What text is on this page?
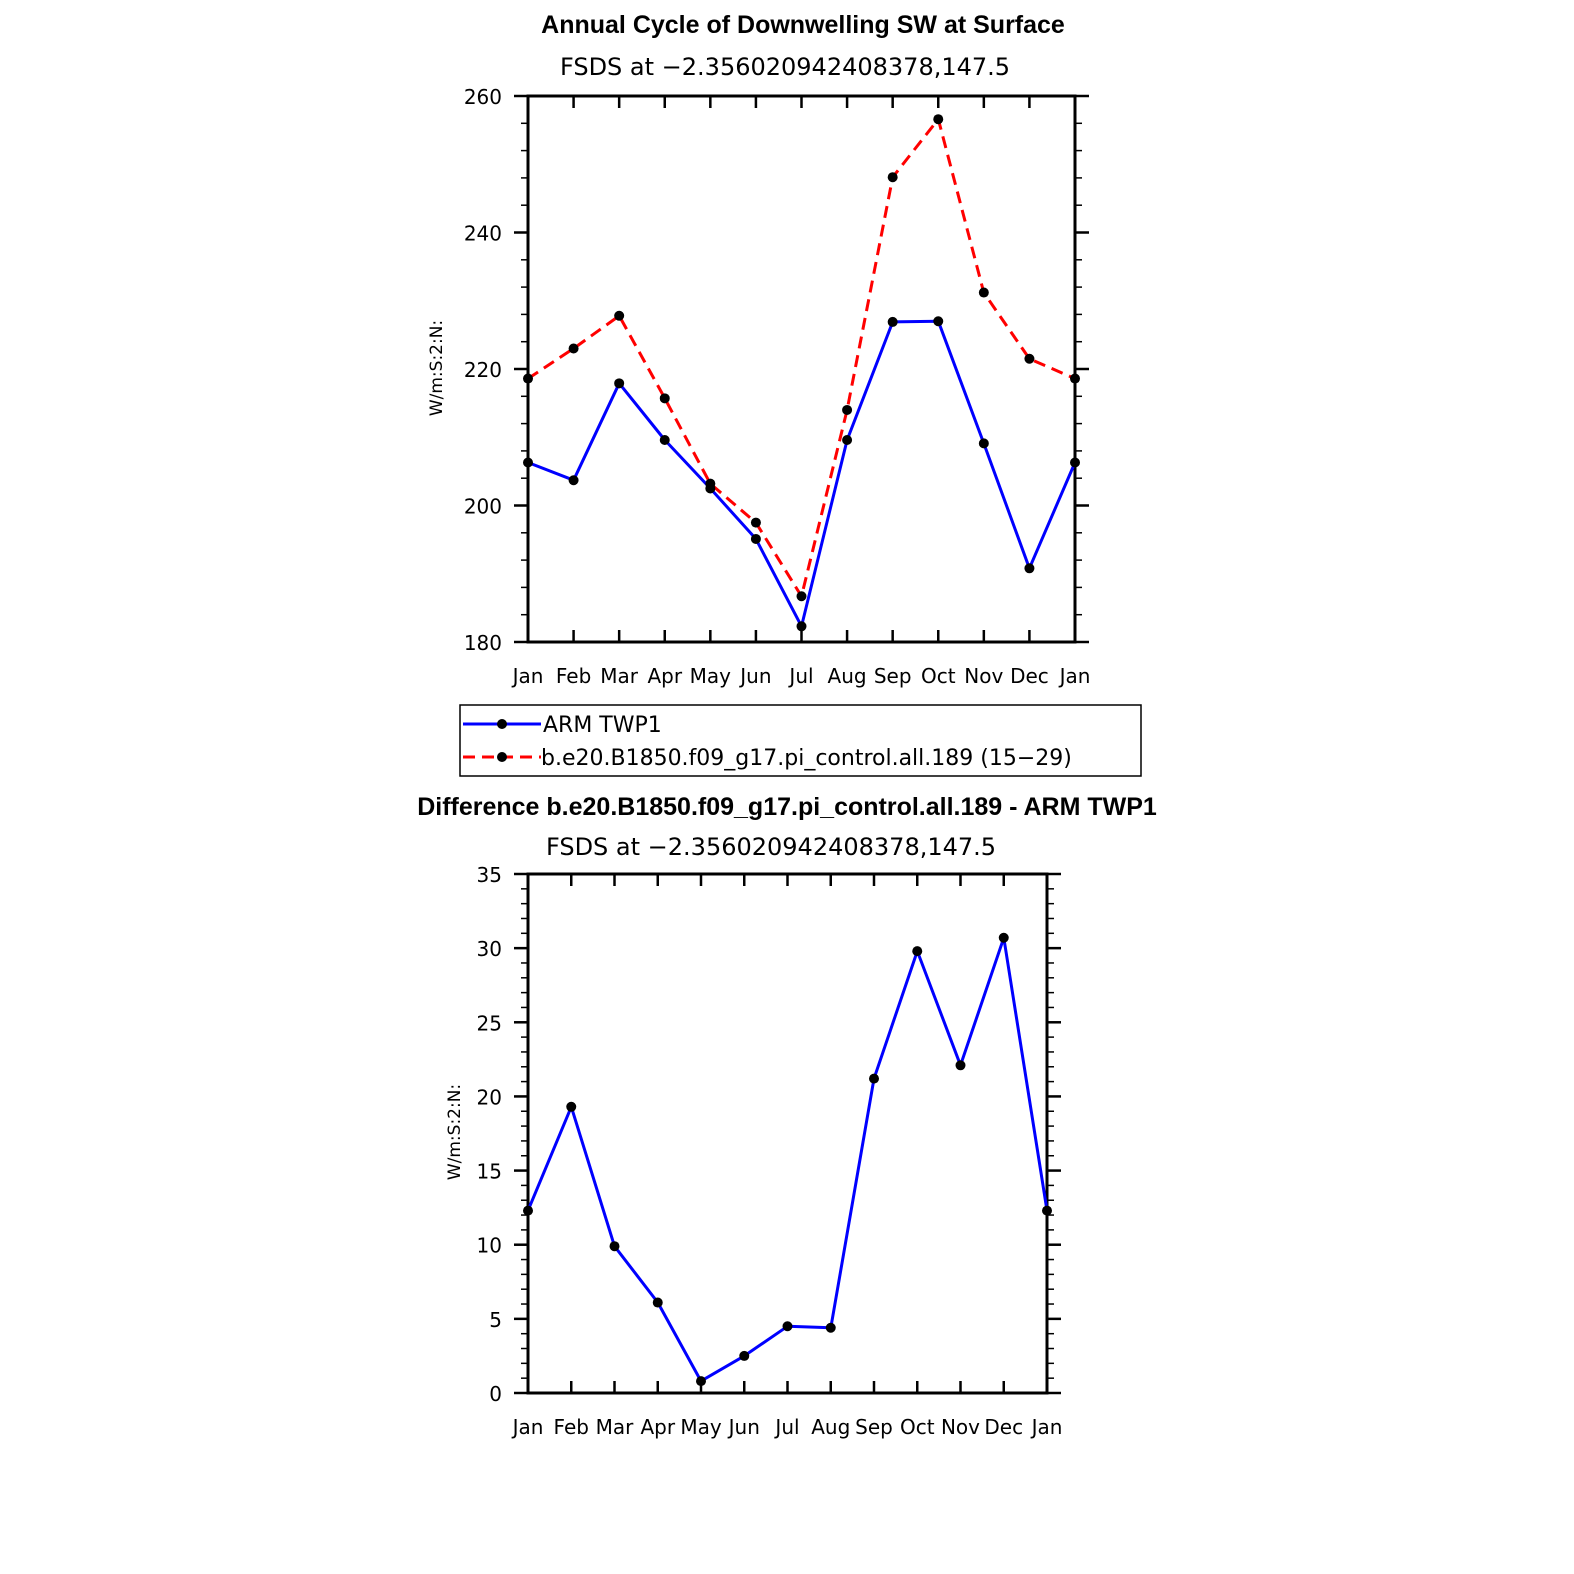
Annual Cycle of Downwelling SW at Surface
FSDS at −2.356020942408378,147.5
W/m:S:2:N:
Jan Feb Mar Apr May Jun Jul Aug Sep Oct Nov Dec Jan
180
200
220
240
260
ARM TWP1
b.e20.B1850.f09_g17.pi_control.all.189 (15−29)
Difference b.e20.B1850.f09_g17.pi_control.all.189 - ARM TWP1
FSDS at −2.356020942408378,147.5
W/m:S:2:N:
Jan Feb Mar Apr May Jun Jul Aug Sep Oct Nov Dec Jan
0
5
10
15
20
25
30
35
